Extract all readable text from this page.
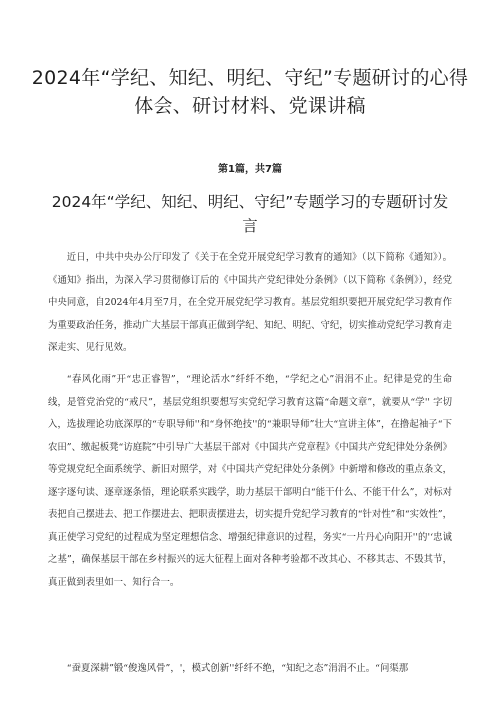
2024年“学纪、知纪、明纪、守纪”专题研讨的心得体会、研讨材料、党课讲稿
第1篇，共7篇
2024年“学纪、知纪、明纪、守纪”专题学习的专题研讨发言

近日，中共中央办公厅印发了《关于在全党开展党纪学习教育的通知》（以下简称《通知》）。《通知》指出，为深入学习贯彻修订后的《中国共产党纪律处分条例》（以下简称《条例》），经党中央同意，自2024年4月至7月，在全党开展党纪学习教育。基层党组织要把开展党纪学习教育作为重要政治任务，推动广大基层干部真正做到学纪、知纪、明纪、守纪，切实推动党纪学习教育走深走实、见行见效。

“春风化雨”开“忠正睿智”，“理论活水”纤纤不绝，“学纪之心”涓涓不止。纪律是党的生命线，是管党治党的“戒尺”，基层党组织要想写实党纪学习教育这篇“命题文章”，就要从“学'' 字切入，选拔理论功底深厚的“专职导师''和“身怀绝技''的“兼职导师”壮大“宣讲主体”，在撸起袖子“下农田”、缴起板凳“访庭院”中引导广大基层干部对《中国共产党章程》《中国共产党纪律处分条例》等党规党纪全面系统学、新旧对照学，对《中国共产党纪律处分条例》中新增和修改的重点条文，逐字逐句读、逐章逐条悟，理论联系实践学，助力基层干部明白“能干什么、不能干什么”，对标对表把自己摆进去、把工作摆进去、把职责摆进去，切实提升党纪学习教育的“针对性”和“实效性”，真正使学习党纪的过程成为坚定理想信念、增强纪律意识的过程，务实“一片丹心向阳开''的'‘忠诚之基”，确保基层干部在乡村振兴的远大征程上面对各种考验都不改其心、不移其志、不毁其节，真正做到表里如一、知行合一。

“蚕夏深耕”锻“俊逸风骨”，'，模式创新''纤纤不绝，“知纪之态”涓涓不止。“问渠那
